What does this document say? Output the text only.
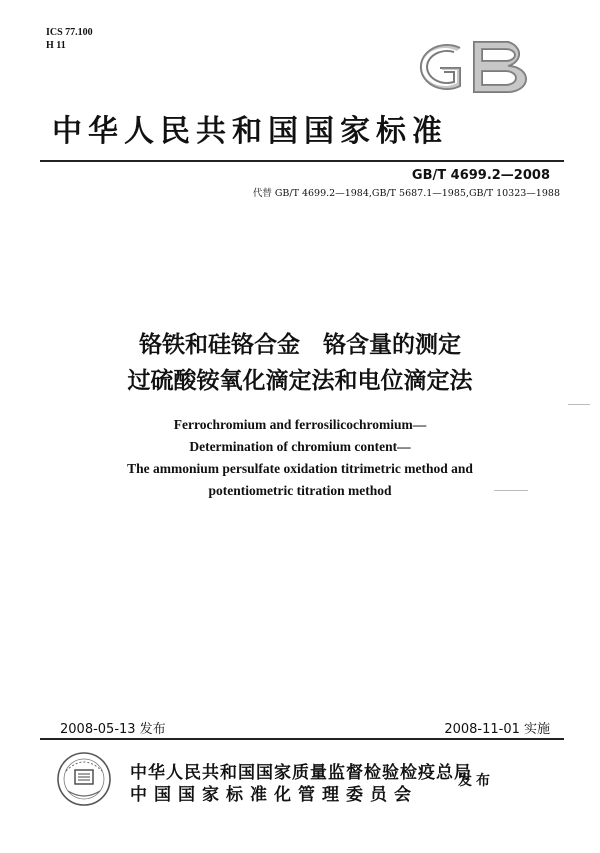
ICS 77.100
H 11
中华人民共和国国家标准
GB/T 4699.2—2008
代替 GB/T 4699.2—1984,GB/T 5687.1—1985,GB/T 10323—1988
铬铁和硅铬合金　铬含量的测定
过硫酸铵氧化滴定法和电位滴定法
Ferrochromium and ferrosilicochromium—
Determination of chromium content—
The ammonium persulfate oxidation titrimetric method and
potentiometric titration method
2008-05-13 发布	2008-11-01 实施
中华人民共和国国家质量监督检验检疫总局
中国国家标准化管理委员会
发布
